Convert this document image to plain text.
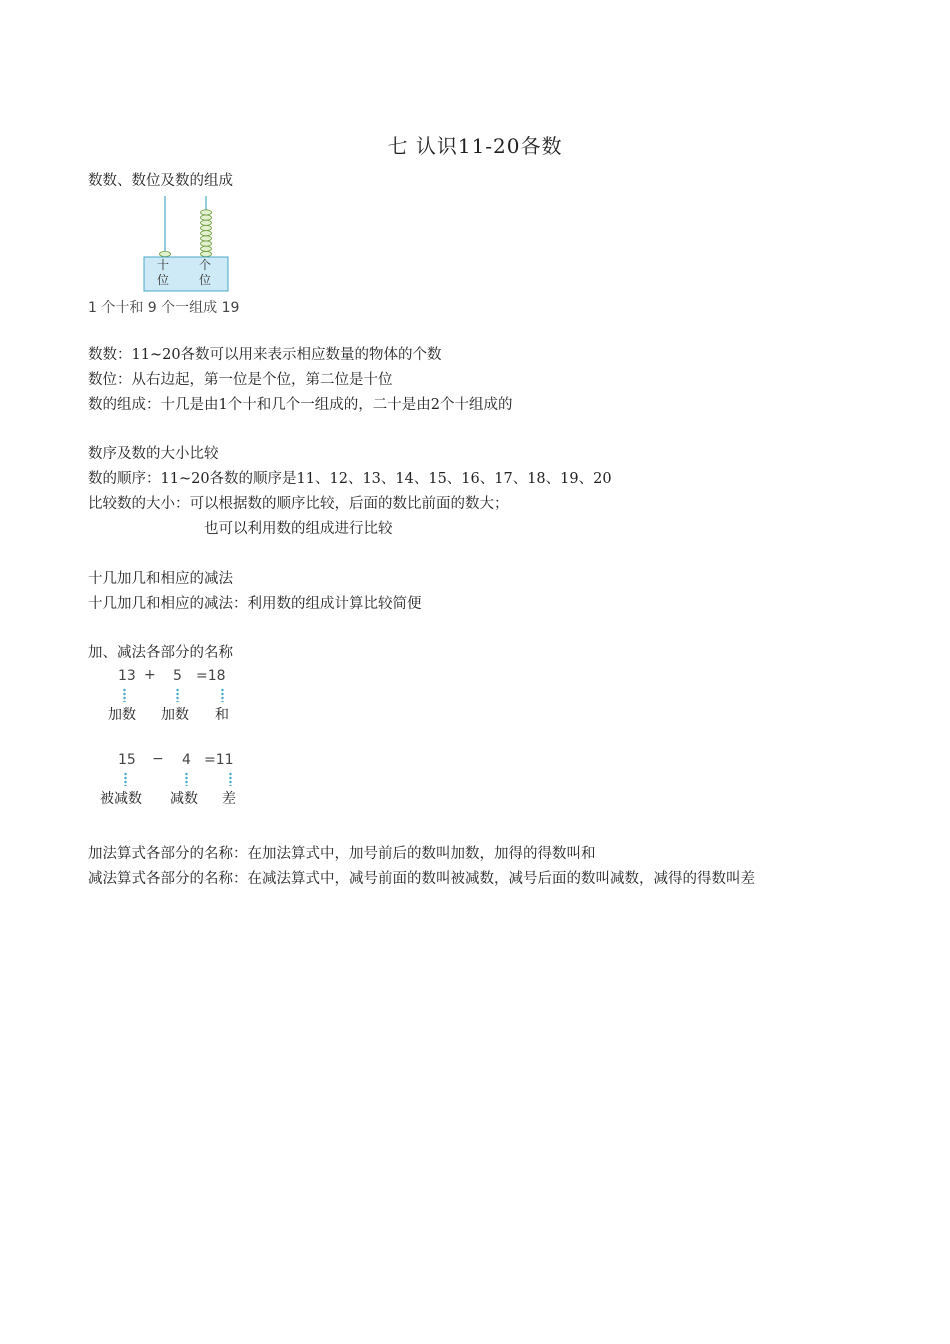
七 认识11-20各数
数数、数位及数的组成
十
位
个
位
1 个十和 9 个一组成 19
数数：11~20各数可以用来表示相应数量的物体的个数
数位：从右边起，第一位是个位，第二位是十位
数的组成：十几是由1个十和几个一组成的，二十是由2个十组成的
数序及数的大小比较
数的顺序：11~20各数的顺序是11、12、13、14、15、16、17、18、19、20
比较数的大小：可以根据数的顺序比较，后面的数比前面的数大；
也可以利用数的组成进行比较
十几加几和相应的减法
十几加几和相应的减法：利用数的组成计算比较简便
加、减法各部分的名称
13 + 5 =18
加数 加数 和
15 − 4 =11
被减数 减数 差
加法算式各部分的名称：在加法算式中，加号前后的数叫加数，加得的得数叫和
减法算式各部分的名称：在减法算式中，减号前面的数叫被减数，减号后面的数叫减数，减得的得数叫差
